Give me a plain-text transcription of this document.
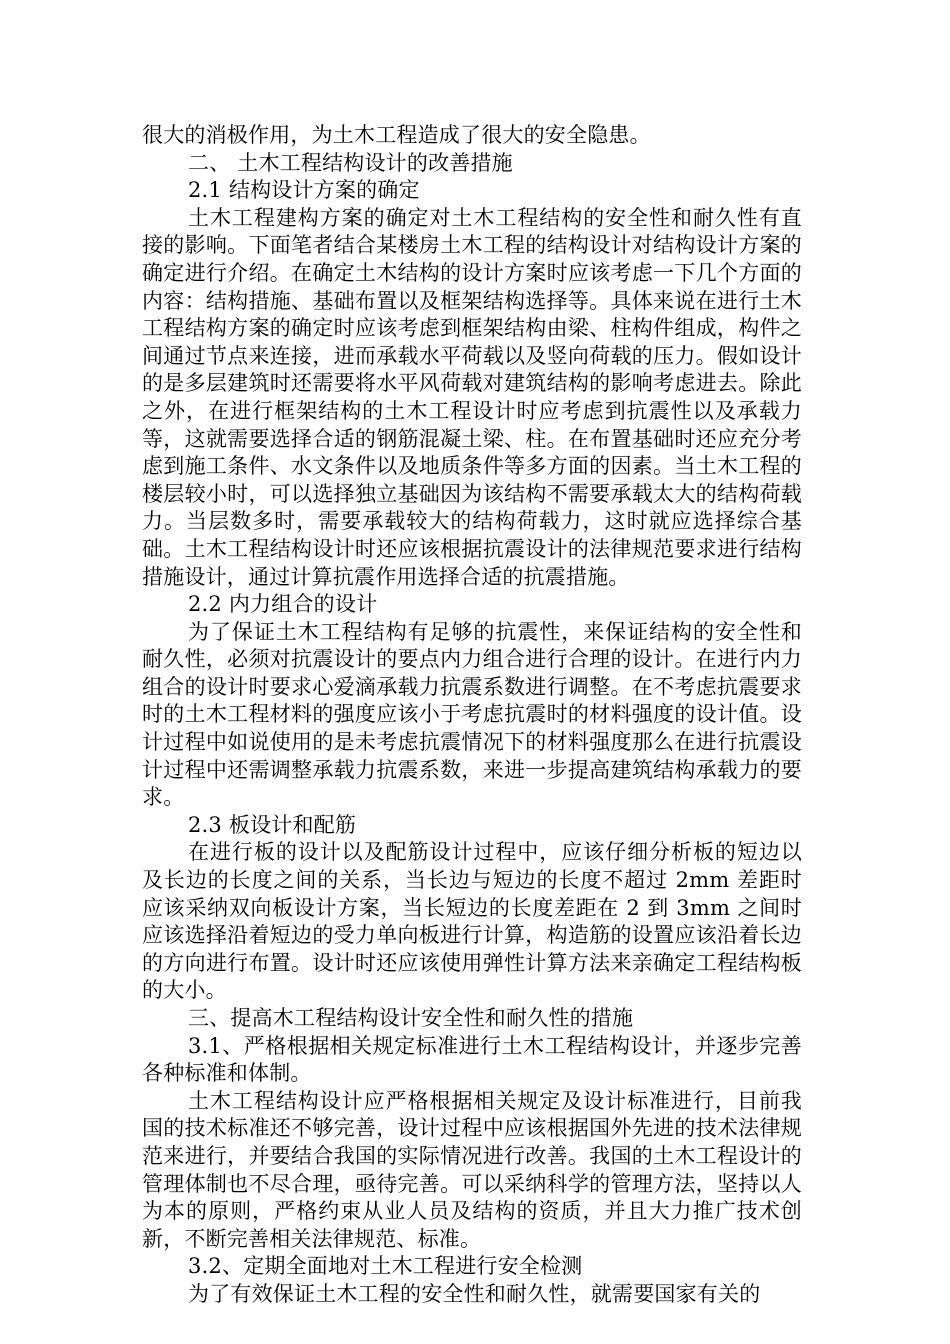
很大的消极作用，为土木工程造成了很大的安全隐患。

二、 土木工程结构设计的改善措施

2.1 结构设计方案的确定

土木工程建构方案的确定对土木工程结构的安全性和耐久性有直接的影响。下面笔者结合某楼房土木工程的结构设计对结构设计方案的确定进行介绍。在确定土木结构的设计方案时应该考虑一下几个方面的内容：结构措施、基础布置以及框架结构选择等。具体来说在进行土木工程结构方案的确定时应该考虑到框架结构由梁、柱构件组成，构件之间通过节点来连接，进而承载水平荷载以及竖向荷载的压力。假如设计的是多层建筑时还需要将水平风荷载对建筑结构的影响考虑进去。除此之外，在进行框架结构的土木工程设计时应考虑到抗震性以及承载力等，这就需要选择合适的钢筋混凝土梁、柱。在布置基础时还应充分考虑到施工条件、水文条件以及地质条件等多方面的因素。当土木工程的楼层较小时，可以选择独立基础因为该结构不需要承载太大的结构荷载力。当层数多时，需要承载较大的结构荷载力，这时就应选择综合基础。土木工程结构设计时还应该根据抗震设计的法律规范要求进行结构措施设计，通过计算抗震作用选择合适的抗震措施。

2.2 内力组合的设计

为了保证土木工程结构有足够的抗震性，来保证结构的安全性和耐久性，必须对抗震设计的要点内力组合进行合理的设计。在进行内力组合的设计时要求心爱滴承载力抗震系数进行调整。在不考虑抗震要求时的土木工程材料的强度应该小于考虑抗震时的材料强度的设计值。设计过程中如说使用的是未考虑抗震情况下的材料强度那么在进行抗震设计过程中还需调整承载力抗震系数，来进一步提高建筑结构承载力的要求。

2.3 板设计和配筋

在进行板的设计以及配筋设计过程中，应该仔细分析板的短边以及长边的长度之间的关系，当长边与短边的长度不超过 2mm 差距时应该采纳双向板设计方案，当长短边的长度差距在 2 到 3mm 之间时应该选择沿着短边的受力单向板进行计算，构造筋的设置应该沿着长边的方向进行布置。设计时还应该使用弹性计算方法来亲确定工程结构板的大小。

三、提高木工程结构设计安全性和耐久性的措施

3.1、严格根据相关规定标准进行土木工程结构设计，并逐步完善各种标准和体制。

土木工程结构设计应严格根据相关规定及设计标准进行，目前我国的技术标准还不够完善，设计过程中应该根据国外先进的技术法律规范来进行，并要结合我国的实际情况进行改善。我国的土木工程设计的管理体制也不尽合理，亟待完善。可以采纳科学的管理方法，坚持以人为本的原则，严格约束从业人员及结构的资质，并且大力推广技术创新，不断完善相关法律规范、标准。

3.2、定期全面地对土木工程进行安全检测

为了有效保证土木工程的安全性和耐久性，就需要国家有关的
